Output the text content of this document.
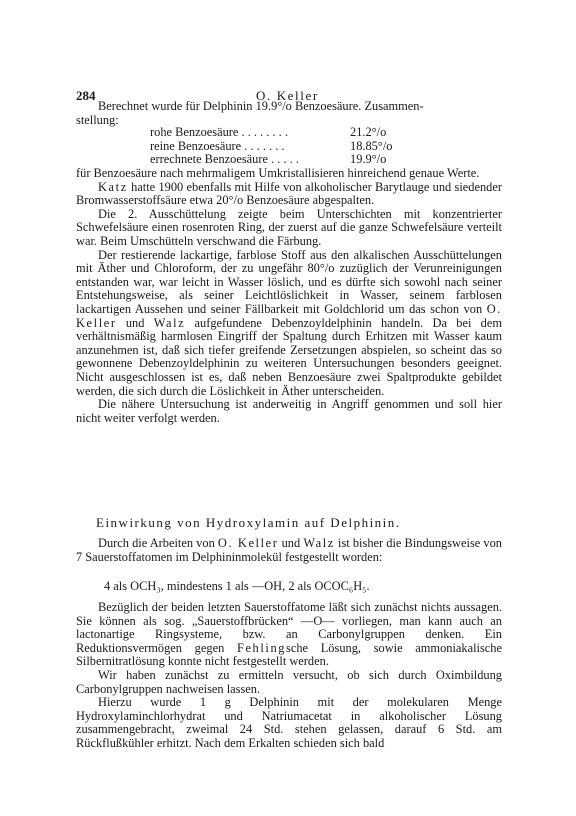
284	O. Keller

Berechnet wurde für Delphinin 19.9°/o Benzoesäure. Zusammen-
stellung:

rohe Benzoesäure . . . . . . . .	21.2°/o
reine Benzoesäure . . . . . . .	18.85°/o
errechnete Benzoesäure . . . . .	19.9°/o

für Benzoesäure nach mehrmaligem Umkristallisieren hinreichend genaue Werte.

Katz hatte 1900 ebenfalls mit Hilfe von alkoholischer Barytlauge und siedender Bromwasserstoffsäure etwa 20°/o Benzoesäure abgespalten.

Die 2. Ausschüttelung zeigte beim Unterschichten mit konzentrierter Schwefelsäure einen rosenroten Ring, der zuerst auf die ganze Schwefelsäure verteilt war. Beim Umschütteln verschwand die Färbung.

Der restierende lackartige, farblose Stoff aus den alkalischen Ausschüttelungen mit Äther und Chloroform, der zu ungefähr 80°/o zuzüglich der Verunreinigungen entstanden war, war leicht in Wasser löslich, und es dürfte sich sowohl nach seiner Entstehungsweise, als seiner Leichtlöslichkeit in Wasser, seinem farblosen lackartigen Aussehen und seiner Fällbarkeit mit Goldchlorid um das schon von O. Keller und Walz aufgefundene Debenzoyldelphinin handeln. Da bei dem verhältnismäßig harmlosen Eingriff der Spaltung durch Erhitzen mit Wasser kaum anzunehmen ist, daß sich tiefer greifende Zersetzungen abspielen, so scheint das so gewonnene Debenzoyldelphinin zu weiteren Untersuchungen besonders geeignet. Nicht ausgeschlossen ist es, daß neben Benzoesäure zwei Spaltprodukte gebildet werden, die sich durch die Löslichkeit in Äther unterscheiden.

Die nähere Untersuchung ist anderweitig in Angriff genommen und soll hier nicht weiter verfolgt werden.

Einwirkung von Hydroxylamin auf Delphinin.

Durch die Arbeiten von O. Keller und Walz ist bisher die Bindungsweise von 7 Sauerstoffatomen im Delphininmolekül festgestellt worden:

4 als OCH₃, mindestens 1 als —OH, 2 als OCOC₆H₅.

Bezüglich der beiden letzten Sauerstoffatome läßt sich zunächst nichts aussagen. Sie können als sog. „Sauerstoffbrücken“ —O— vorliegen, man kann auch an lactonartige Ringsysteme, bzw. an Carbonylgruppen denken. Ein Reduktionsvermögen gegen Fehlingsche Lösung, sowie ammoniakalische Silbernitratlösung konnte nicht festgestellt werden.

Wir haben zunächst zu ermitteln versucht, ob sich durch Oximbildung Carbonylgruppen nachweisen lassen.

Hierzu wurde 1 g Delphinin mit der molekularen Menge Hydroxylaminchlorhydrat und Natriumacetat in alkoholischer Lösung zusammengebracht, zweimal 24 Std. stehen gelassen, darauf 6 Std. am Rückflußkühler erhitzt. Nach dem Erkalten schieden sich bald
